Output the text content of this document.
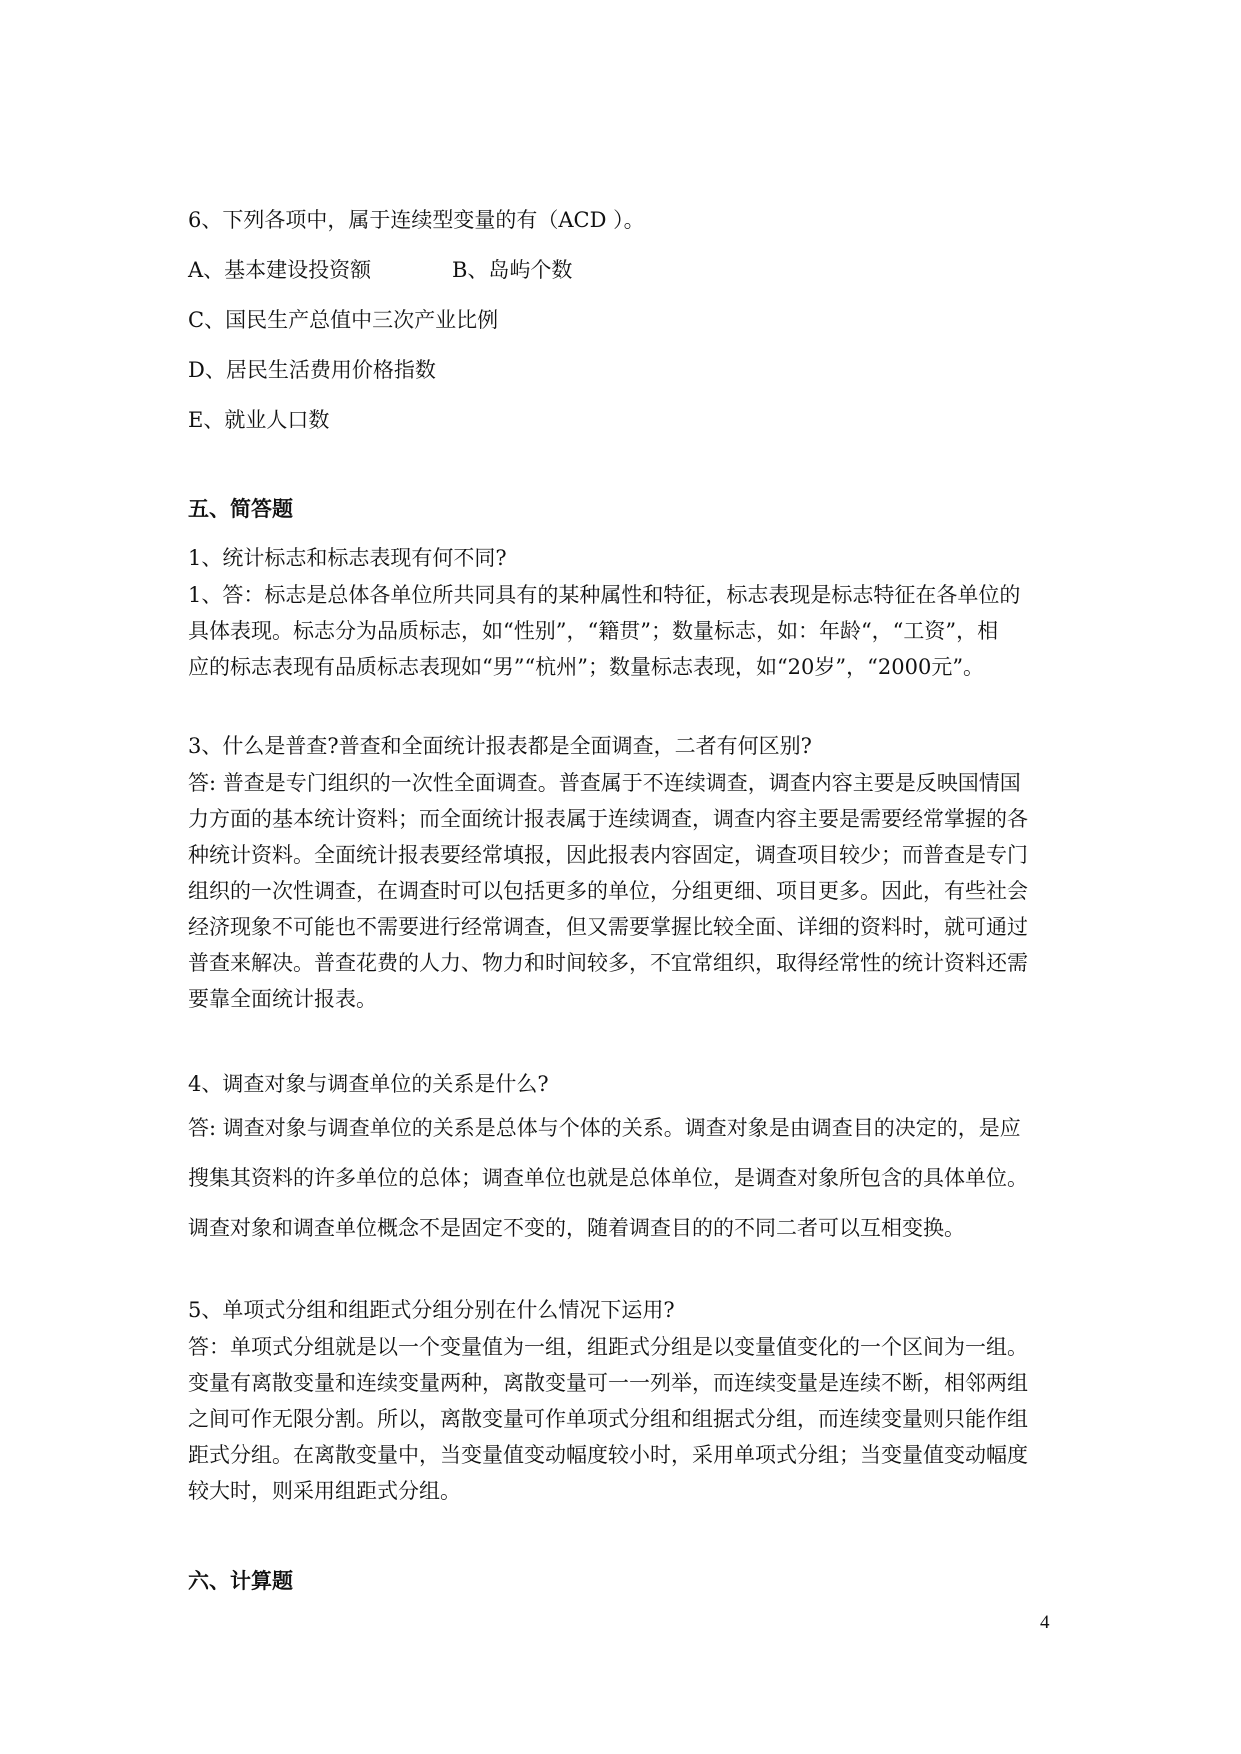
6、下列各项中，属于连续型变量的有（ACD ）。

A、基本建设投资额	B、岛屿个数

C、国民生产总值中三次产业比例

D、居民生活费用价格指数

E、就业人口数

五、简答题

1、统计标志和标志表现有何不同?

1、答：标志是总体各单位所共同具有的某种属性和特征，标志表现是标志特征在各单位的

具体表现。标志分为品质标志，如“性别”，“籍贯”；数量标志，如：年龄“，“工资”，相

应的标志表现有品质标志表现如“男”“杭州”；数量标志表现，如“20岁”，“2000元”。

3、什么是普查?普查和全面统计报表都是全面调查，二者有何区别?

答: 普查是专门组织的一次性全面调查。普查属于不连续调查，调查内容主要是反映国情国

力方面的基本统计资料；而全面统计报表属于连续调查，调查内容主要是需要经常掌握的各

种统计资料。全面统计报表要经常填报，因此报表内容固定，调查项目较少；而普查是专门

组织的一次性调查，在调查时可以包括更多的单位，分组更细、项目更多。因此，有些社会

经济现象不可能也不需要进行经常调查，但又需要掌握比较全面、详细的资料时，就可通过

普查来解决。普查花费的人力、物力和时间较多，不宜常组织，取得经常性的统计资料还需

要靠全面统计报表。

4、调查对象与调查单位的关系是什么?

答: 调查对象与调查单位的关系是总体与个体的关系。调查对象是由调查目的决定的，是应

搜集其资料的许多单位的总体；调查单位也就是总体单位，是调查对象所包含的具体单位。

调查对象和调查单位概念不是固定不变的，随着调查目的的不同二者可以互相变换。

5、单项式分组和组距式分组分别在什么情况下运用?

答：单项式分组就是以一个变量值为一组，组距式分组是以变量值变化的一个区间为一组。

变量有离散变量和连续变量两种，离散变量可一一列举，而连续变量是连续不断，相邻两组

之间可作无限分割。所以，离散变量可作单项式分组和组据式分组，而连续变量则只能作组

距式分组。在离散变量中，当变量值变动幅度较小时，采用单项式分组；当变量值变动幅度

较大时，则采用组距式分组。

六、计算题

4
